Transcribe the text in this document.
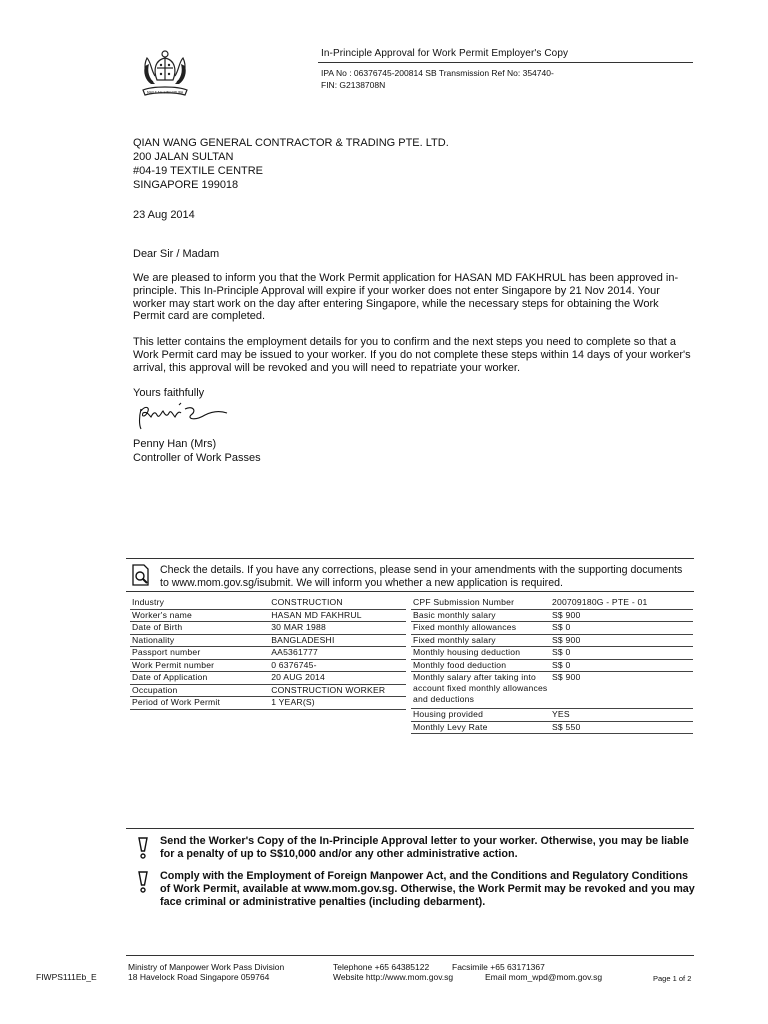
MAJULAH SINGAPURA
In-Principle Approval for Work Permit Employer's Copy
IPA No : 06376745-200814 SB Transmission Ref No: 354740-
FIN: G2138708N
QIAN WANG GENERAL CONTRACTOR & TRADING PTE. LTD.
200 JALAN SULTAN
#04-19 TEXTILE CENTRE
SINGAPORE 199018
23 Aug 2014
Dear Sir / Madam
We are pleased to inform you that the Work Permit application for HASAN MD FAKHRUL has been approved in-principle. This In-Principle Approval will expire if your worker does not enter Singapore by 21 Nov 2014. Your worker may start work on the day after entering Singapore, while the necessary steps for obtaining the Work Permit card are completed.
This letter contains the employment details for you to confirm and the next steps you need to complete so that a Work Permit card may be issued to your worker. If you do not complete these steps within 14 days of your worker's arrival, this approval will be revoked and you will need to repatriate your worker.
Yours faithfully
Penny Han (Mrs)
Controller of Work Passes
Check the details. If you have any corrections, please send in your amendments with the supporting documents to www.mom.gov.sg/isubmit. We will inform you whether a new application is required.
Industry	CONSTRUCTION
Worker's name	HASAN MD FAKHRUL
Date of Birth	30 MAR 1988
Nationality	BANGLADESHI
Passport number	AA5361777
Work Permit number	0 6376745-
Date of Application	20 AUG 2014
Occupation	CONSTRUCTION WORKER
Period of Work Permit	1 YEAR(S)
CPF Submission Number	200709180G - PTE - 01
Basic monthly salary	S$ 900
Fixed monthly allowances	S$ 0
Fixed monthly salary	S$ 900
Monthly housing deduction	S$ 0
Monthly food deduction	S$ 0
Monthly salary after taking into account fixed monthly allowances and deductions	S$ 900
Housing provided	YES
Monthly Levy Rate	S$ 550
Send the Worker's Copy of the In-Principle Approval letter to your worker. Otherwise, you may be liable for a penalty of up to S$10,000 and/or any other administrative action.
Comply with the Employment of Foreign Manpower Act, and the Conditions and Regulatory Conditions of Work Permit, available at www.mom.gov.sg. Otherwise, the Work Permit may be revoked and you may face criminal or administrative penalties (including debarment).
FIWPS111Eb_E
Ministry of Manpower Work Pass Division
18 Havelock Road Singapore 059764
Telephone +65 64385122	Facsimile +65 63171367
Website http://www.mom.gov.sg	Email mom_wpd@mom.gov.sg	Page 1 of 2
